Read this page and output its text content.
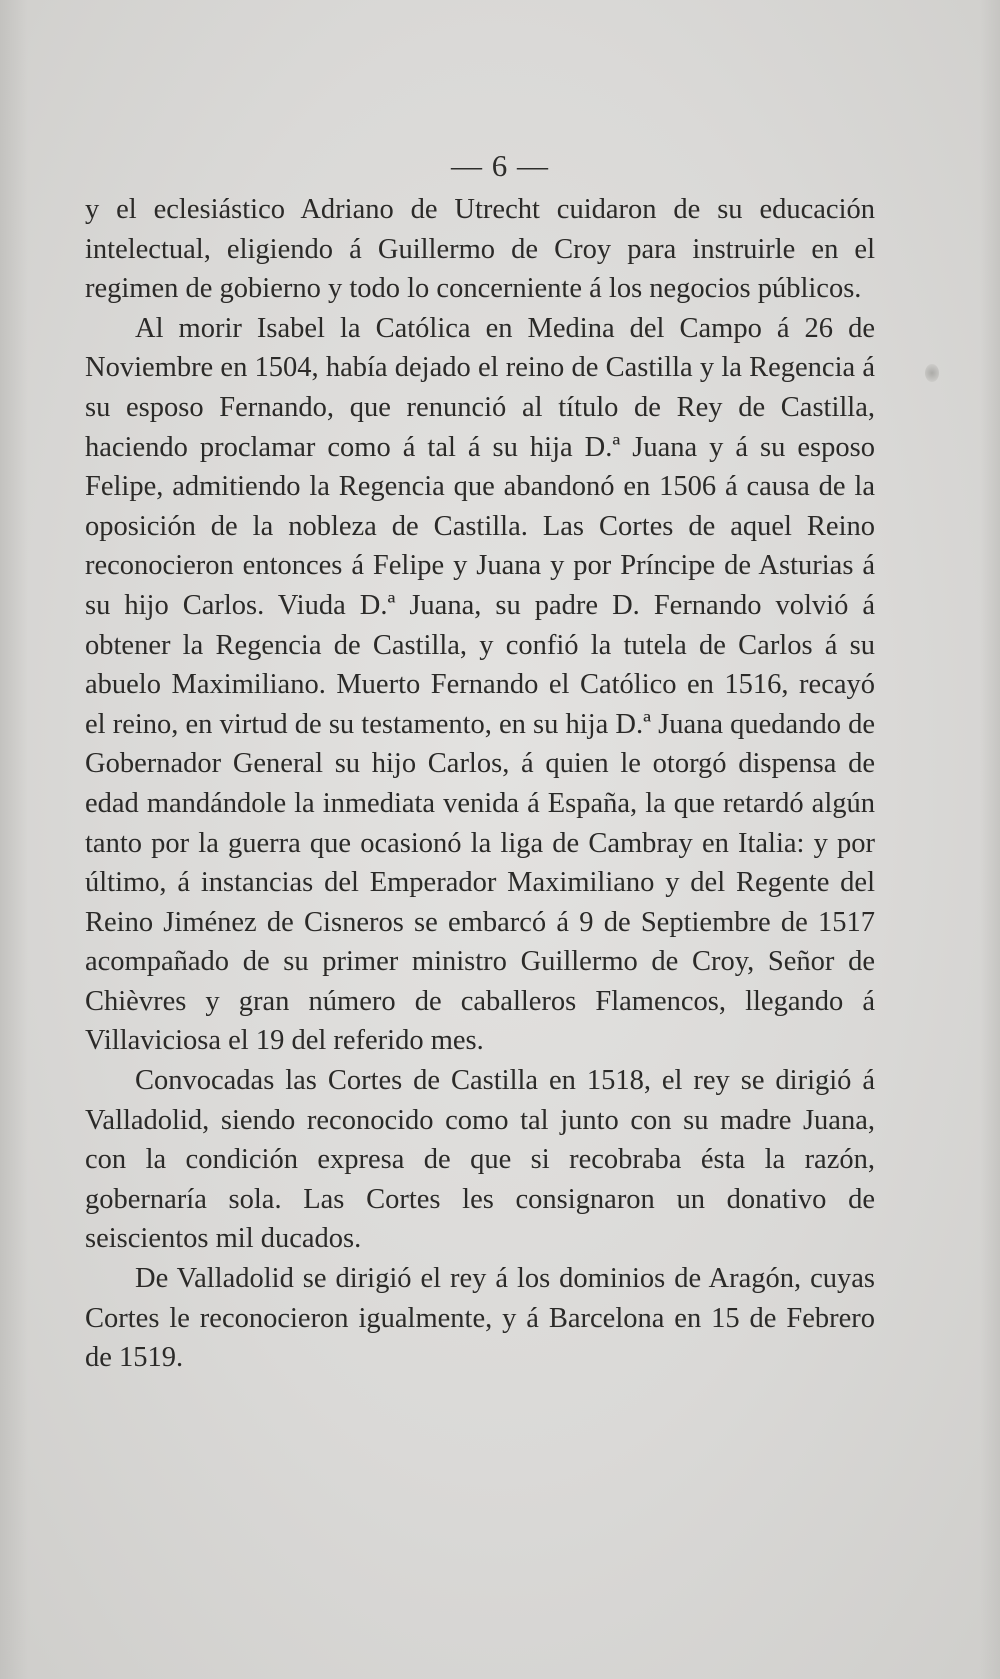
— 6 —

y el eclesiástico Adriano de Utrecht cuidaron de su educación intelectual, eligiendo á Guillermo de Croy para instruirle en el regimen de gobierno y todo lo concerniente á los negocios públicos.

Al morir Isabel la Católica en Medina del Campo á 26 de Noviembre en 1504, había dejado el reino de Castilla y la Regencia á su esposo Fernando, que renunció al título de Rey de Castilla, haciendo proclamar como á tal á su hija D.ª Juana y á su esposo Felipe, admitiendo la Regencia que abandonó en 1506 á causa de la oposición de la nobleza de Castilla. Las Cortes de aquel Reino reconocieron entonces á Felipe y Juana y por Príncipe de Asturias á su hijo Carlos. Viuda D.ª Juana, su padre D. Fernando volvió á obtener la Regencia de Castilla, y confió la tutela de Carlos á su abuelo Maximiliano. Muerto Fernando el Católico en 1516, recayó el reino, en virtud de su testamento, en su hija D.ª Juana quedando de Gobernador General su hijo Carlos, á quien le otorgó dispensa de edad mandándole la inmediata venida á España, la que retardó algún tanto por la guerra que ocasionó la liga de Cambray en Italia: y por último, á instancias del Emperador Maximiliano y del Regente del Reino Jiménez de Cisneros se embarcó á 9 de Septiembre de 1517 acompañado de su primer ministro Guillermo de Croy, Señor de Chièvres y gran número de caballeros Flamencos, llegando á Villaviciosa el 19 del referido mes.

Convocadas las Cortes de Castilla en 1518, el rey se dirigió á Valladolid, siendo reconocido como tal junto con su madre Juana, con la condición expresa de que si recobraba ésta la razón, gobernaría sola. Las Cortes les consignaron un donativo de seiscientos mil ducados.

De Valladolid se dirigió el rey á los dominios de Aragón, cuyas Cortes le reconocieron igualmente, y á Barcelona en 15 de Febrero de 1519.
